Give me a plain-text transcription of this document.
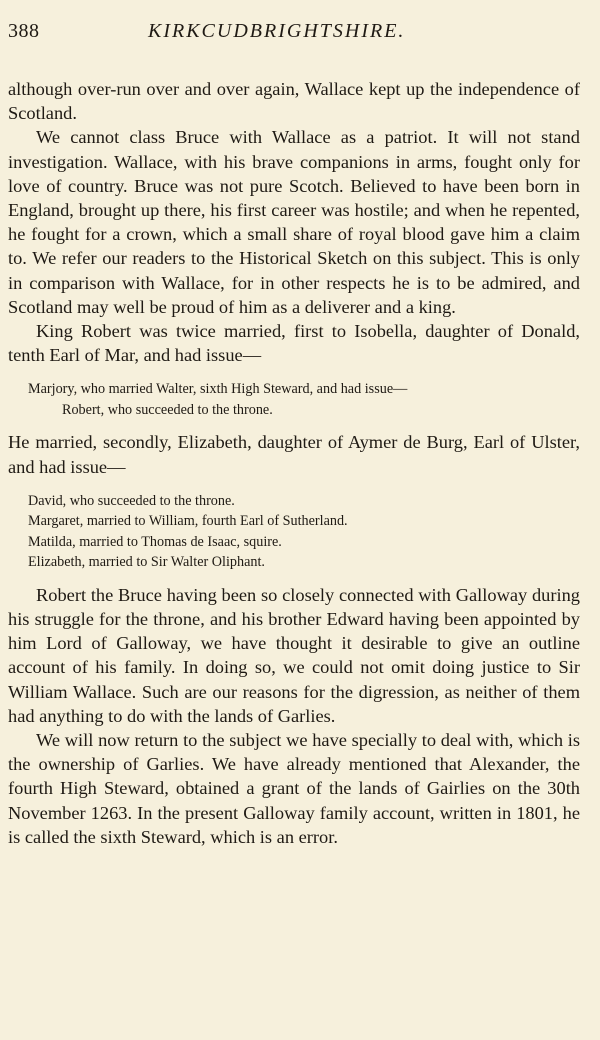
388	KIRKCUDBRIGHTSHIRE.

although over-run over and over again, Wallace kept up the independence of Scotland.

We cannot class Bruce with Wallace as a patriot. It will not stand investigation. Wallace, with his brave companions in arms, fought only for love of country. Bruce was not pure Scotch. Believed to have been born in England, brought up there, his first career was hostile; and when he repented, he fought for a crown, which a small share of royal blood gave him a claim to. We refer our readers to the Historical Sketch on this subject. This is only in comparison with Wallace, for in other respects he is to be admired, and Scotland may well be proud of him as a deliverer and a king.

King Robert was twice married, first to Isobella, daughter of Donald, tenth Earl of Mar, and had issue—

Marjory, who married Walter, sixth High Steward, and had issue—
Robert, who succeeded to the throne.

He married, secondly, Elizabeth, daughter of Aymer de Burg, Earl of Ulster, and had issue—

David, who succeeded to the throne.
Margaret, married to William, fourth Earl of Sutherland.
Matilda, married to Thomas de Isaac, squire.
Elizabeth, married to Sir Walter Oliphant.

Robert the Bruce having been so closely connected with Galloway during his struggle for the throne, and his brother Edward having been appointed by him Lord of Galloway, we have thought it desirable to give an outline account of his family. In doing so, we could not omit doing justice to Sir William Wallace. Such are our reasons for the digression, as neither of them had anything to do with the lands of Garlies.

We will now return to the subject we have specially to deal with, which is the ownership of Garlies. We have already mentioned that Alexander, the fourth High Steward, obtained a grant of the lands of Gairlies on the 30th November 1263. In the present Galloway family account, written in 1801, he is called the sixth Steward, which is an error.
